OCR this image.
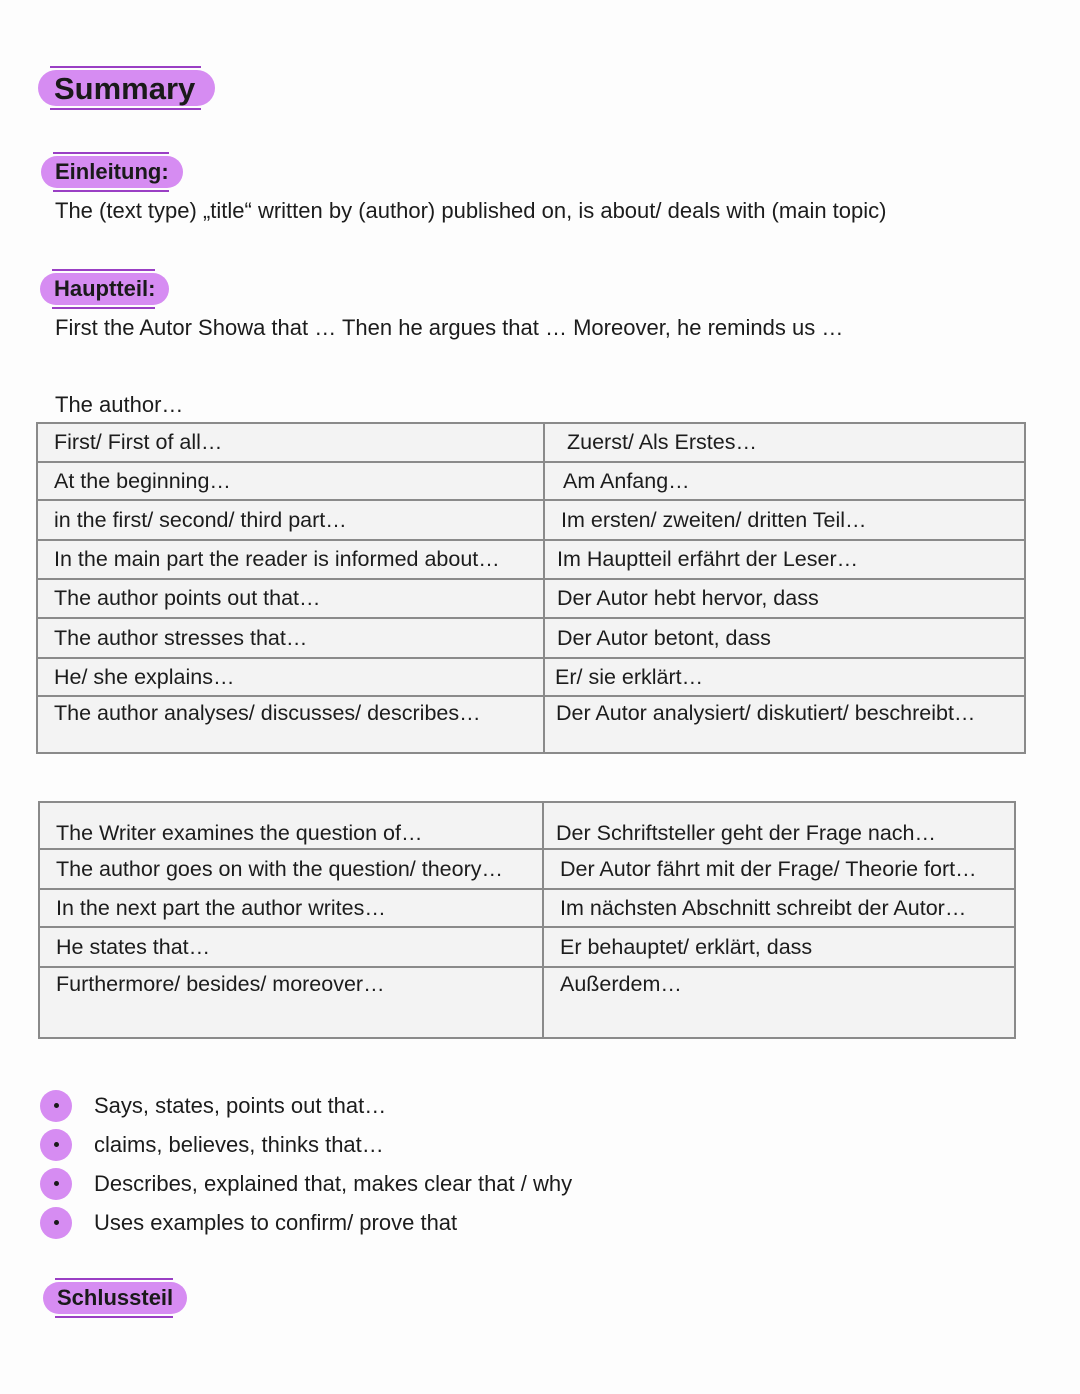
Summary
Einleitung:
The (text type) „title“ written by (author) published on, is about/ deals with (main topic)
Hauptteil:
First the Autor Showa that … Then he argues that … Moreover, he reminds us …
The author…
First/ First of all…	Zuerst/ Als Erstes…
At the beginning…	Am Anfang…
in the first/ second/ third part…	Im ersten/ zweiten/ dritten Teil…
In the main part the reader is informed about…	Im Hauptteil erfährt der Leser…
The author points out that…	Der Autor hebt hervor, dass
The author stresses that…	Der Autor betont, dass
He/ she explains…	Er/ sie erklärt…
The author analyses/ discusses/ describes…	Der Autor analysiert/ diskutiert/ beschreibt…
The Writer examines the question of…	Der Schriftsteller geht der Frage nach…
The author goes on with the question/ theory…	Der Autor fährt mit der Frage/ Theorie fort…
In the next part the author writes…	Im nächsten Abschnitt schreibt der Autor…
He states that…	Er behauptet/ erklärt, dass
Furthermore/ besides/ moreover…	Außerdem…
Says, states, points out that…
claims, believes, thinks that…
Describes, explained that, makes clear that / why
Uses examples to confirm/ prove that
Schlussteil
